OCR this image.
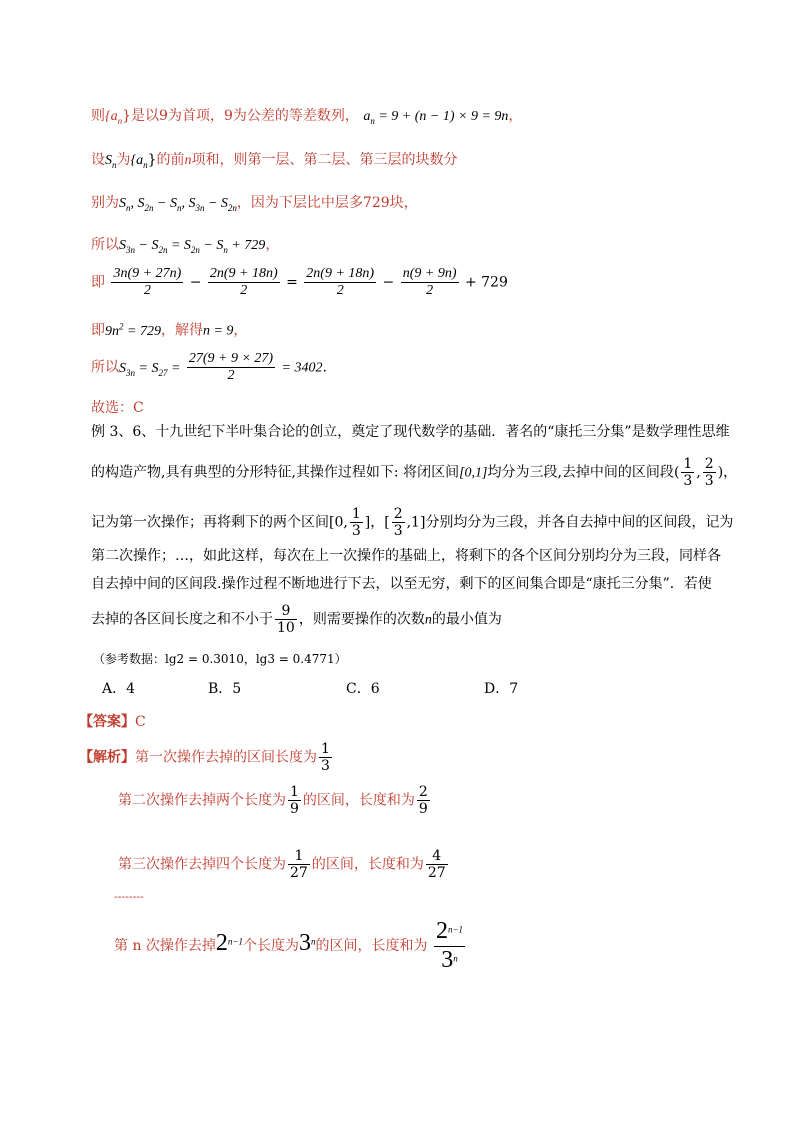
则$\{a_n\}$是以9为首项，9为公差的等差数列， $a_n = 9 + (n - 1) \times 9 = 9n$，
设$S_n$为$\{a_n\}$的前n项和，则第一层、第二层、第三层的块数分
别为$S_n$, $S_{2n} - S_n$, $S_{3n} - S_{2n}$，因为下层比中层多729块，
所以$S_{3n} - S_{2n} = S_{2n} - S_n + 729$，
即 $\frac{3n(9 + 27n)}{2} - \frac{2n(9 + 18n)}{2} = \frac{2n(9 + 18n)}{2} - \frac{n(9 + 9n)}{2} + 729$
即$9n^2 = 729$，解得n = 9，
所以$S_{3n} = S_{27} = \frac{27(9 + 9 \times 27)}{2} = 3402$.
故选：C
例 3、6、十九世纪下半叶集合论的创立，奠定了现代数学的基础．著名的“康托三分集”是数学理性思维
的构造产物,具有典型的分形特征,其操作过程如下: 将闭区间[0,1]均分为三段,去掉中间的区间段( $\frac{1}{3}$ , $\frac{2}{3}$ )，
记为第一次操作；再将剩下的两个区间[0, $\frac{1}{3}$ ]，[ $\frac{2}{3} ,1$]分别均分为三段，并各自去掉中间的区间段，记为
第二次操作；…，如此这样，每次在上一次操作的基础上，将剩下的各个区间分别均分为三段，同样各
自去掉中间的区间段.操作过程不断地进行下去，以至无穷，剩下的区间集合即是“康托三分集”．若使
去掉的各区间长度之和不小于 $\frac{9}{10}$ ，则需要操作的次数n的最小值为
（参考数据：lg2 = 0.3010，lg3 = 0.4771）
A．4	B．5	C．6	D．7
【答案】C
【解析】第一次操作去掉的区间长度为 $\frac{1}{3}$
第二次操作去掉两个长度为 $\frac{1}{9}$ 的区间，长度和为 $\frac{2}{9}$
第三次操作去掉四个长度为 $\frac{1}{27}$ 的区间，长度和为 $\frac{4}{27}$
--------
第 n 次操作去掉$2^{n-1}$个长度为3$^n$的区间，长度和为 $\frac{2^{n-1}}{3^n}$
